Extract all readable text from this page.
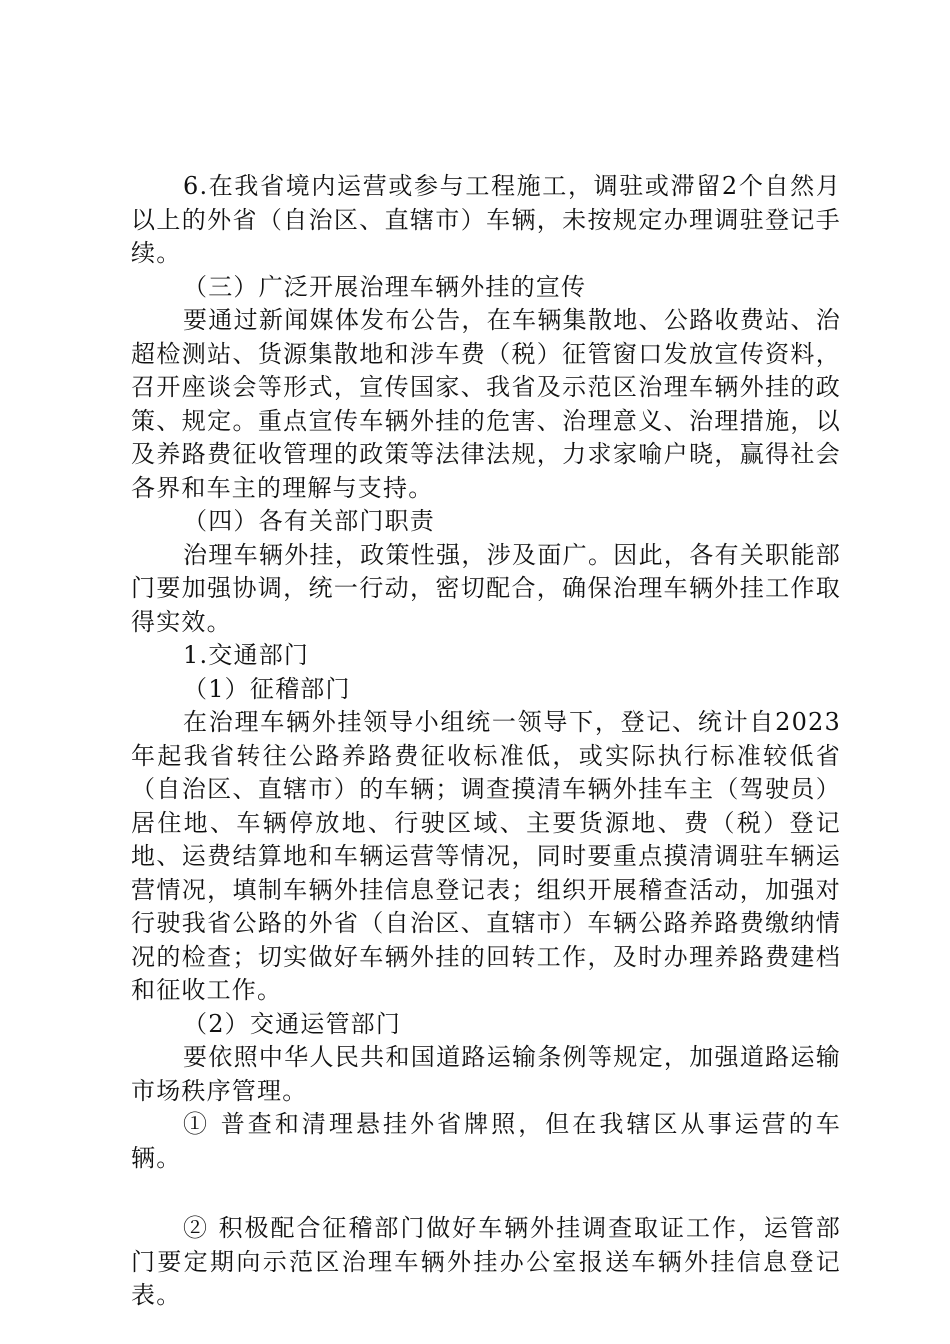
6.在我省境内运营或参与工程施工，调驻或滞留2个自然月以上的外省（自治区、直辖市）车辆，未按规定办理调驻登记手续。

（三）广泛开展治理车辆外挂的宣传

要通过新闻媒体发布公告，在车辆集散地、公路收费站、治超检测站、货源集散地和涉车费（税）征管窗口发放宣传资料，召开座谈会等形式，宣传国家、我省及示范区治理车辆外挂的政策、规定。重点宣传车辆外挂的危害、治理意义、治理措施，以及养路费征收管理的政策等法律法规，力求家喻户晓，赢得社会各界和车主的理解与支持。

（四）各有关部门职责

治理车辆外挂，政策性强，涉及面广。因此，各有关职能部门要加强协调，统一行动，密切配合，确保治理车辆外挂工作取得实效。

1.交通部门

（1）征稽部门

在治理车辆外挂领导小组统一领导下，登记、统计自2023年起我省转往公路养路费征收标准低，或实际执行标准较低省（自治区、直辖市）的车辆；调查摸清车辆外挂车主（驾驶员）居住地、车辆停放地、行驶区域、主要货源地、费（税）登记地、运费结算地和车辆运营等情况，同时要重点摸清调驻车辆运营情况，填制车辆外挂信息登记表；组织开展稽查活动，加强对行驶我省公路的外省（自治区、直辖市）车辆公路养路费缴纳情况的检查；切实做好车辆外挂的回转工作，及时办理养路费建档和征收工作。

（2）交通运管部门

要依照中华人民共和国道路运输条例等规定，加强道路运输市场秩序管理。

① 普查和清理悬挂外省牌照，但在我辖区从事运营的车辆。

② 积极配合征稽部门做好车辆外挂调查取证工作，运管部门要定期向示范区治理车辆外挂办公室报送车辆外挂信息登记表。
